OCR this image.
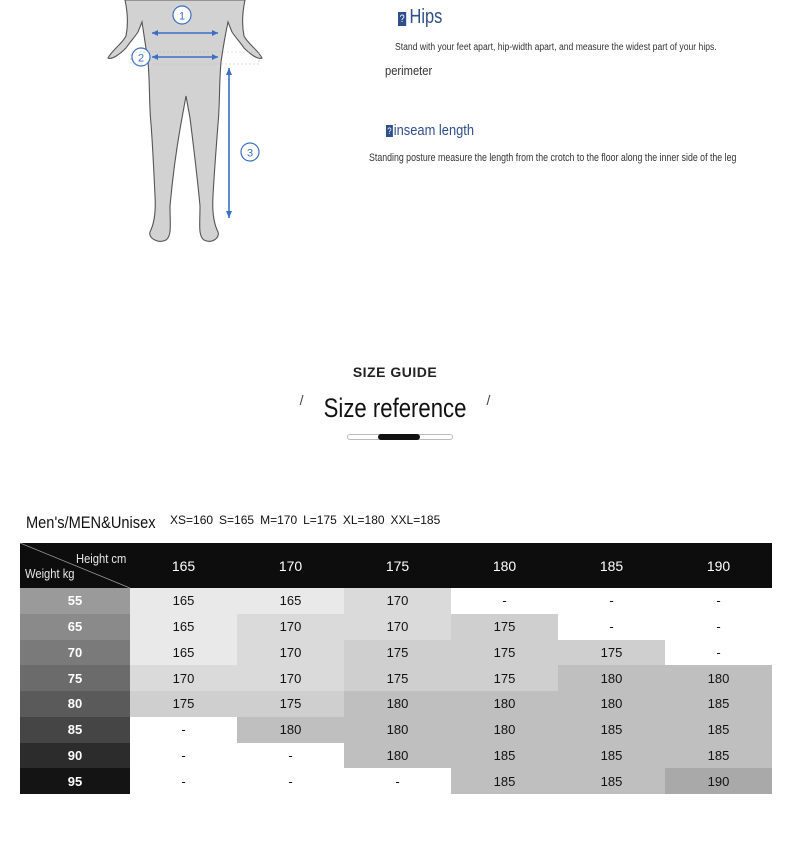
1
2
3
? Hips
Stand with your feet apart, hip-width apart, and measure the widest part of your hips.
perimeter
? inseam length
Standing posture measure the length from the crotch to the floor along the inner side of the leg
SIZE GUIDE
/ Size reference /
Men's/MEN&Unisex XS=160 S=165 M=170 L=175 XL=180 XXL=185
Height cm
Weight kg	165	170	175	180	185	190
55	165	165	170	-	-	-
65	165	170	170	175	-	-
70	165	170	175	175	175	-
75	170	170	175	175	180	180
80	175	175	180	180	180	185
85	-	180	180	180	185	185
90	-	-	180	185	185	185
95	-	-	-	185	185	190
